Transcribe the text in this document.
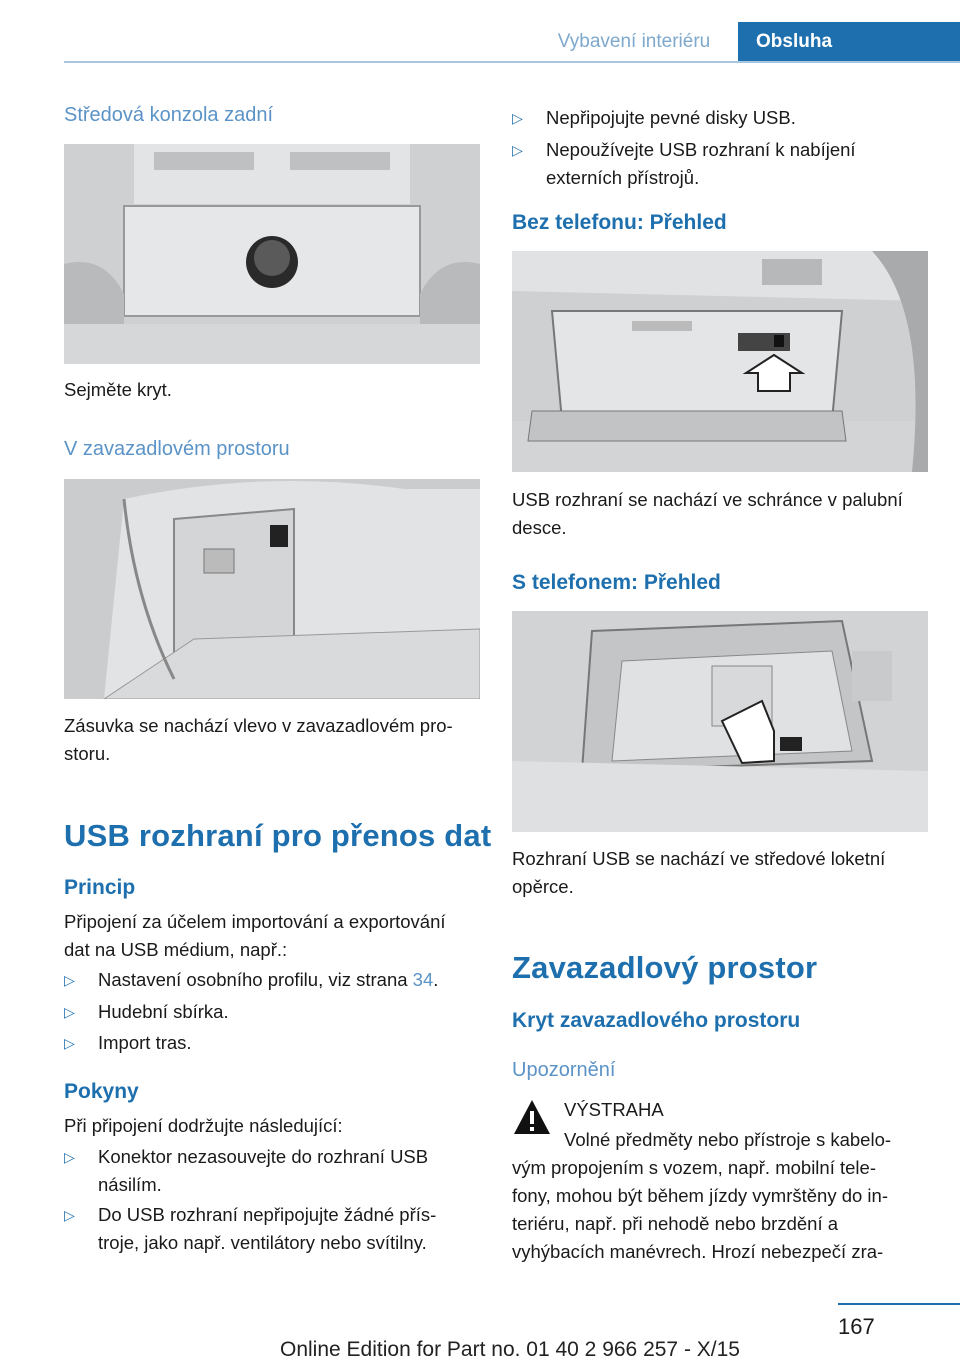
Vybavení interiéru	Obsluha
Středová konzola zadní
Sejměte kryt.
V zavazadlovém prostoru
Zásuvka se nachází vlevo v zavazadlovém pro‐
storu.
USB rozhraní pro přenos dat
Princip
Připojení za účelem importování a exportování
dat na USB médium, např.:
▷ Nastavení osobního profilu, viz strana 34.
▷ Hudební sbírka.
▷ Import tras.
Pokyny
Při připojení dodržujte následující:
▷ Konektor nezasouvejte do rozhraní USB
násilím.
▷ Do USB rozhraní nepřipojujte žádné přís‐
troje, jako např. ventilátory nebo svítilny.
▷ Nepřipojujte pevné disky USB.
▷ Nepoužívejte USB rozhraní k nabíjení
externích přístrojů.
Bez telefonu: Přehled
USB rozhraní se nachází ve schránce v palubní
desce.
S telefonem: Přehled
Rozhraní USB se nachází ve středové loketní
opěrce.
Zavazadlový prostor
Kryt zavazadlového prostoru
Upozornění
VÝSTRAHA
Volné předměty nebo přístroje s kabelo‐
vým propojením s vozem, např. mobilní tele‐
fony, mohou být během jízdy vymrštěny do in‐
teriéru, např. při nehodě nebo brzdění a
vyhýbacích manévrech. Hrozí nebezpečí zra‐
167
Online Edition for Part no. 01 40 2 966 257 - X/15
